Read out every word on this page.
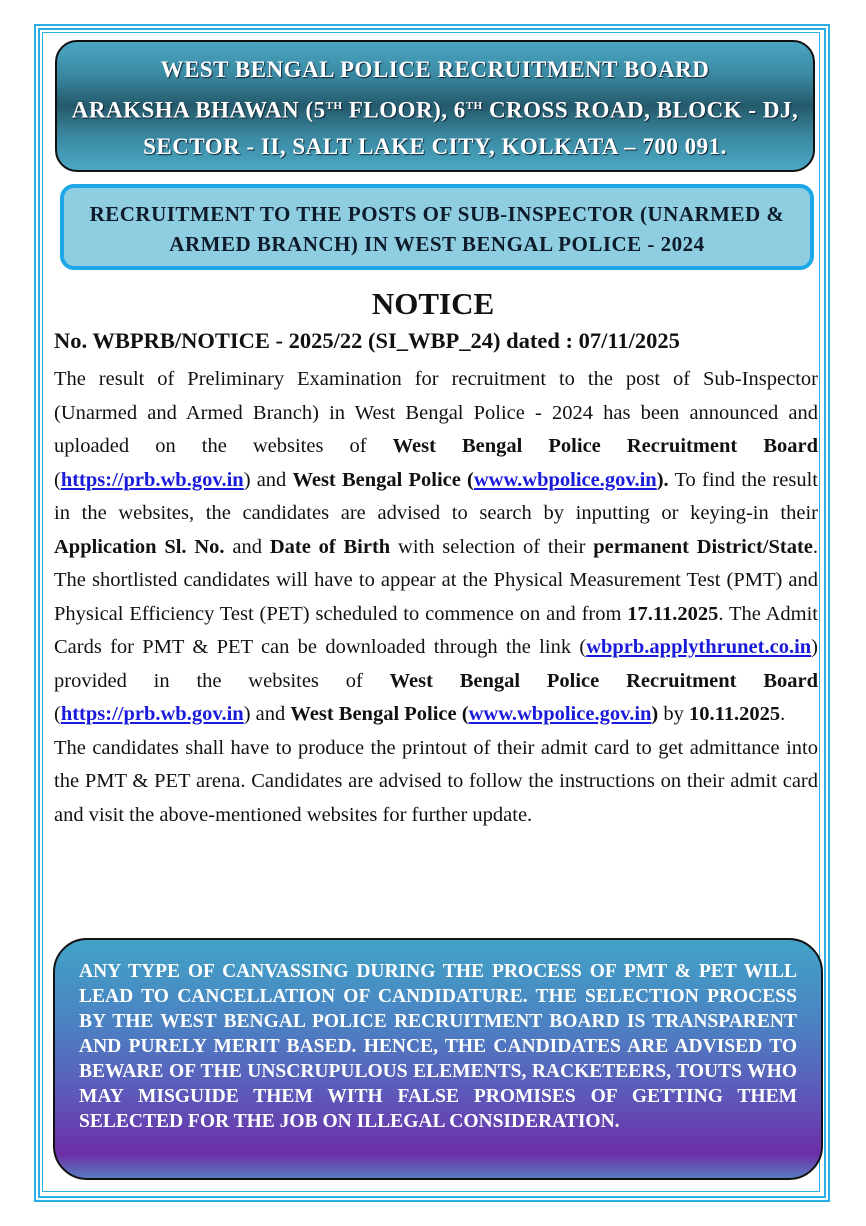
WEST BENGAL POLICE RECRUITMENT BOARD
ARAKSHA BHAWAN (5TH FLOOR), 6TH CROSS ROAD, BLOCK - DJ,
SECTOR - II, SALT LAKE CITY, KOLKATA – 700 091.
RECRUITMENT TO THE POSTS OF SUB-INSPECTOR (UNARMED &
ARMED BRANCH) IN WEST BENGAL POLICE - 2024
NOTICE
No. WBPRB/NOTICE - 2025/22 (SI_WBP_24) dated : 07/11/2025

The result of Preliminary Examination for recruitment to the post of Sub-Inspector (Unarmed and Armed Branch) in West Bengal Police - 2024 has been announced and uploaded on the websites of West Bengal Police Recruitment Board (https://prb.wb.gov.in) and West Bengal Police (www.wbpolice.gov.in). To find the result in the websites, the candidates are advised to search by inputting or keying-in their Application Sl. No. and Date of Birth with selection of their permanent District/State. The shortlisted candidates will have to appear at the Physical Measurement Test (PMT) and Physical Efficiency Test (PET) scheduled to commence on and from 17.11.2025. The Admit Cards for PMT & PET can be downloaded through the link (wbprb.applythrunet.co.in) provided in the websites of West Bengal Police Recruitment Board (https://prb.wb.gov.in) and West Bengal Police (www.wbpolice.gov.in) by 10.11.2025.

The candidates shall have to produce the printout of their admit card to get admittance into the PMT & PET arena. Candidates are advised to follow the instructions on their admit card and visit the above-mentioned websites for further update.

ANY TYPE OF CANVASSING DURING THE PROCESS OF PMT & PET WILL LEAD TO CANCELLATION OF CANDIDATURE. THE SELECTION PROCESS BY THE WEST BENGAL POLICE RECRUITMENT BOARD IS TRANSPARENT AND PURELY MERIT BASED. HENCE, THE CANDIDATES ARE ADVISED TO BEWARE OF THE UNSCRUPULOUS ELEMENTS, RACKETEERS, TOUTS WHO MAY MISGUIDE THEM WITH FALSE PROMISES OF GETTING THEM SELECTED FOR THE JOB ON ILLEGAL CONSIDERATION.
